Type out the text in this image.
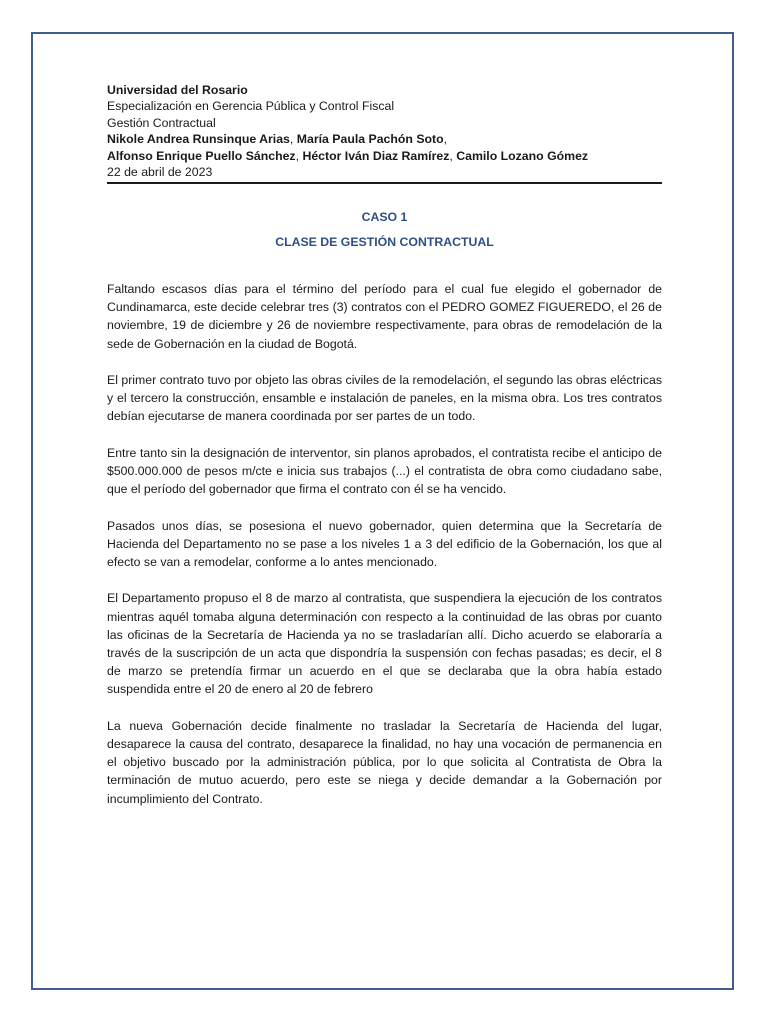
Universidad del Rosario
Especialización en Gerencia Pública y Control Fiscal
Gestión Contractual
Nikole Andrea Runsinque Arias, María Paula Pachón Soto,
Alfonso Enrique Puello Sánchez, Héctor Iván Diaz Ramírez, Camilo Lozano Gómez
22 de abril de 2023
CASO 1
CLASE DE GESTIÓN CONTRACTUAL

Faltando escasos días para el término del período para el cual fue elegido el gobernador de Cundinamarca, este decide celebrar tres (3) contratos con el PEDRO GOMEZ FIGUEREDO, el 26 de noviembre, 19 de diciembre y 26 de noviembre respectivamente, para obras de remodelación de la sede de Gobernación en la ciudad de Bogotá.

El primer contrato tuvo por objeto las obras civiles de la remodelación, el segundo las obras eléctricas y el tercero la construcción, ensamble e instalación de paneles, en la misma obra. Los tres contratos debían ejecutarse de manera coordinada por ser partes de un todo.

Entre tanto sin la designación de interventor, sin planos aprobados, el contratista recibe el anticipo de $500.000.000 de pesos m/cte e inicia sus trabajos (...) el contratista de obra como ciudadano sabe, que el período del gobernador que firma el contrato con él se ha vencido.

Pasados unos días, se posesiona el nuevo gobernador, quien determina que la Secretaría de Hacienda del Departamento no se pase a los niveles 1 a 3 del edificio de la Gobernación, los que al efecto se van a remodelar, conforme a lo antes mencionado.

El Departamento propuso el 8 de marzo al contratista, que suspendiera la ejecución de los contratos mientras aquél tomaba alguna determinación con respecto a la continuidad de las obras por cuanto las oficinas de la Secretaría de Hacienda ya no se trasladarían allí. Dicho acuerdo se elaboraría a través de la suscripción de un acta que dispondría la suspensión con fechas pasadas; es decir, el 8 de marzo se pretendía firmar un acuerdo en el que se declaraba que la obra había estado suspendida entre el 20 de enero al 20 de febrero

La nueva Gobernación decide finalmente no trasladar la Secretaría de Hacienda del lugar, desaparece la causa del contrato, desaparece la finalidad, no hay una vocación de permanencia en el objetivo buscado por la administración pública, por lo que solicita al Contratista de Obra la terminación de mutuo acuerdo, pero este se niega y decide demandar a la Gobernación por incumplimiento del Contrato.
